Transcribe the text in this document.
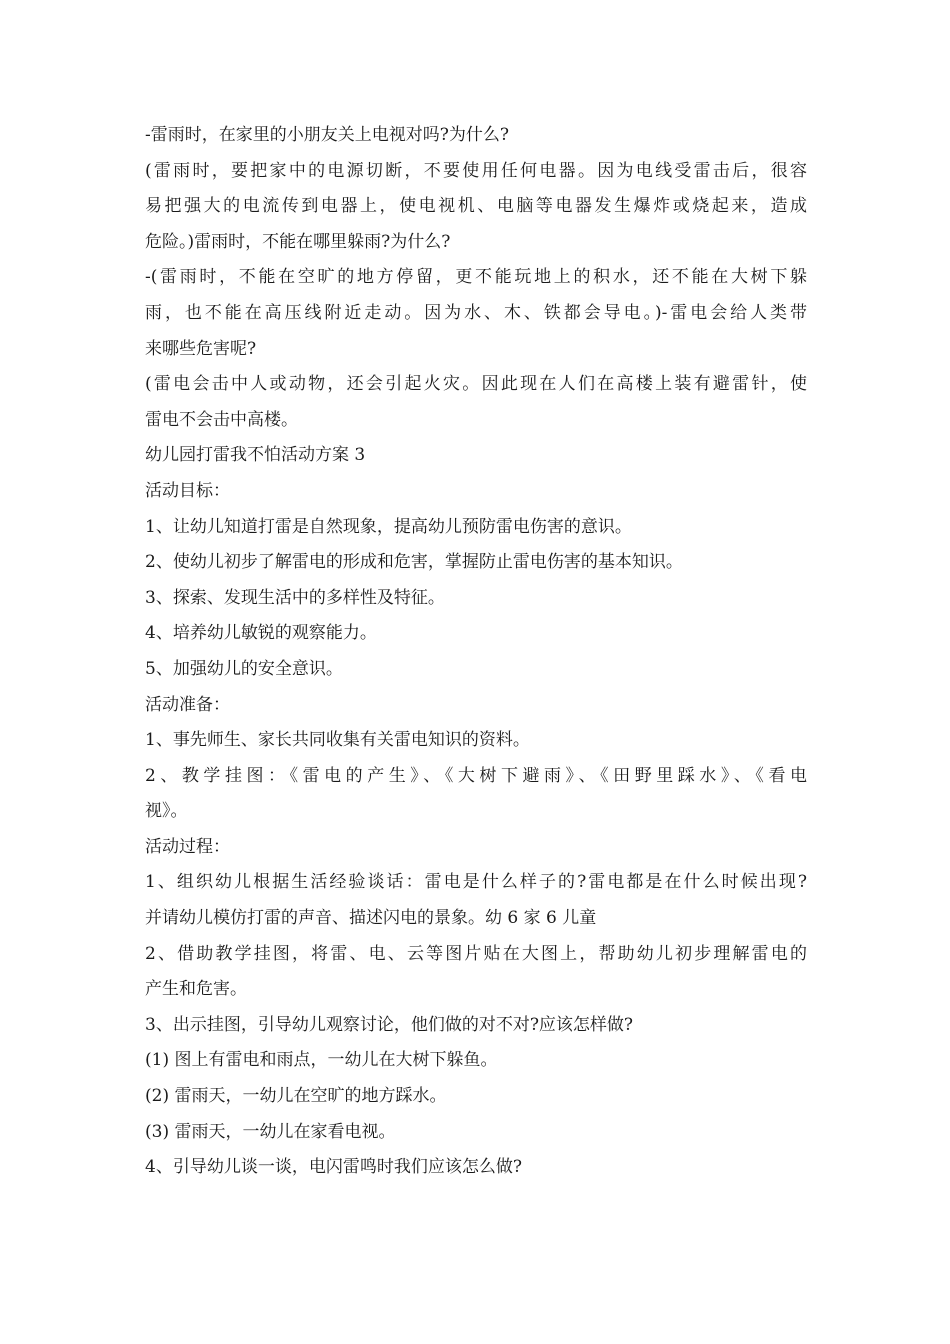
-雷雨时，在家里的小朋友关上电视对吗?为什么?

(雷雨时，要把家中的电源切断，不要使用任何电器。因为电线受雷击后，很容

易把强大的电流传到电器上，使电视机、电脑等电器发生爆炸或烧起来，造成

危险。)雷雨时，不能在哪里躲雨?为什么?

-(雷雨时，不能在空旷的地方停留，更不能玩地上的积水，还不能在大树下躲

雨，也不能在高压线附近走动。因为水、木、铁都会导电。)-雷电会给人类带

来哪些危害呢?

(雷电会击中人或动物，还会引起火灾。因此现在人们在高楼上装有避雷针，使

雷电不会击中高楼。

幼儿园打雷我不怕活动方案 3

活动目标：

1、让幼儿知道打雷是自然现象，提高幼儿预防雷电伤害的意识。

2、使幼儿初步了解雷电的形成和危害，掌握防止雷电伤害的基本知识。

3、探索、发现生活中的多样性及特征。

4、培养幼儿敏锐的观察能力。

5、加强幼儿的安全意识。

活动准备：

1、事先师生、家长共同收集有关雷电知识的资料。

2、教学挂图：《雷电的产生》、《大树下避雨》、《田野里踩水》、《看电

视》。

活动过程：

1、组织幼儿根据生活经验谈话：雷电是什么样子的?雷电都是在什么时候出现?

并请幼儿模仿打雷的声音、描述闪电的景象。幼 6 家 6 儿童

2、借助教学挂图，将雷、电、云等图片贴在大图上，帮助幼儿初步理解雷电的

产生和危害。

3、出示挂图，引导幼儿观察讨论，他们做的对不对?应该怎样做?

(1) 图上有雷电和雨点，一幼儿在大树下躲鱼。

(2) 雷雨天，一幼儿在空旷的地方踩水。

(3) 雷雨天，一幼儿在家看电视。

4、引导幼儿谈一谈，电闪雷鸣时我们应该怎么做?
